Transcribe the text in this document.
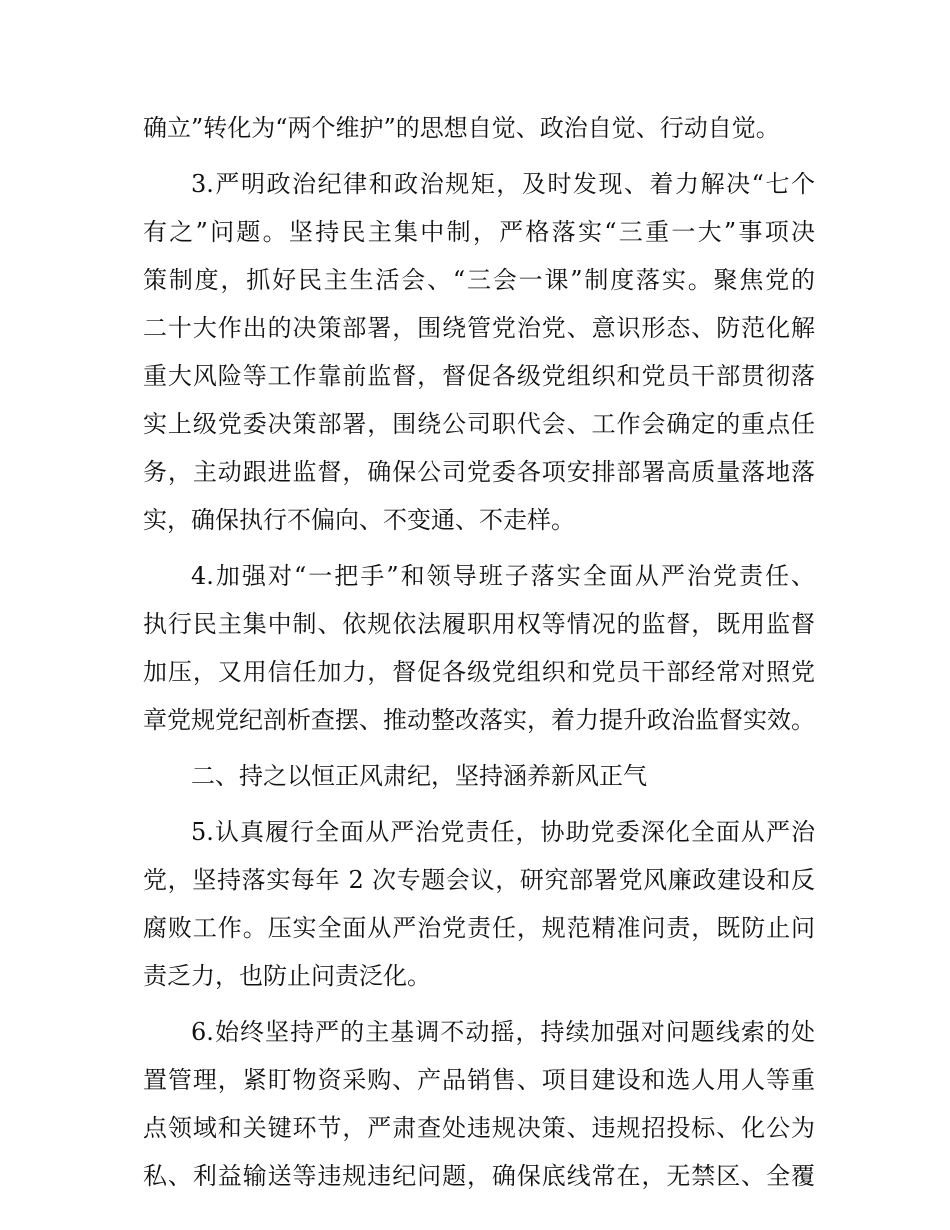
确立”转化为“两个维护”的思想自觉、政治自觉、行动自觉。
3.严明政治纪律和政治规矩，及时发现、着力解决“七个
有之”问题。坚持民主集中制，严格落实“三重一大”事项决
策制度，抓好民主生活会、“三会一课”制度落实。聚焦党的
二十大作出的决策部署，围绕管党治党、意识形态、防范化解
重大风险等工作靠前监督，督促各级党组织和党员干部贯彻落
实上级党委决策部署，围绕公司职代会、工作会确定的重点任
务，主动跟进监督，确保公司党委各项安排部署高质量落地落
实，确保执行不偏向、不变通、不走样。
4.加强对“一把手”和领导班子落实全面从严治党责任、
执行民主集中制、依规依法履职用权等情况的监督，既用监督
加压，又用信任加力，督促各级党组织和党员干部经常对照党
章党规党纪剖析查摆、推动整改落实，着力提升政治监督实效。
二、持之以恒正风肃纪，坚持涵养新风正气
5.认真履行全面从严治党责任，协助党委深化全面从严治
党，坚持落实每年 2 次专题会议，研究部署党风廉政建设和反
腐败工作。压实全面从严治党责任，规范精准问责，既防止问
责乏力，也防止问责泛化。
6.始终坚持严的主基调不动摇，持续加强对问题线索的处
置管理，紧盯物资采购、产品销售、项目建设和选人用人等重
点领域和关键环节，严肃查处违规决策、违规招投标、化公为
私、利益输送等违规违纪问题，确保底线常在，无禁区、全覆
